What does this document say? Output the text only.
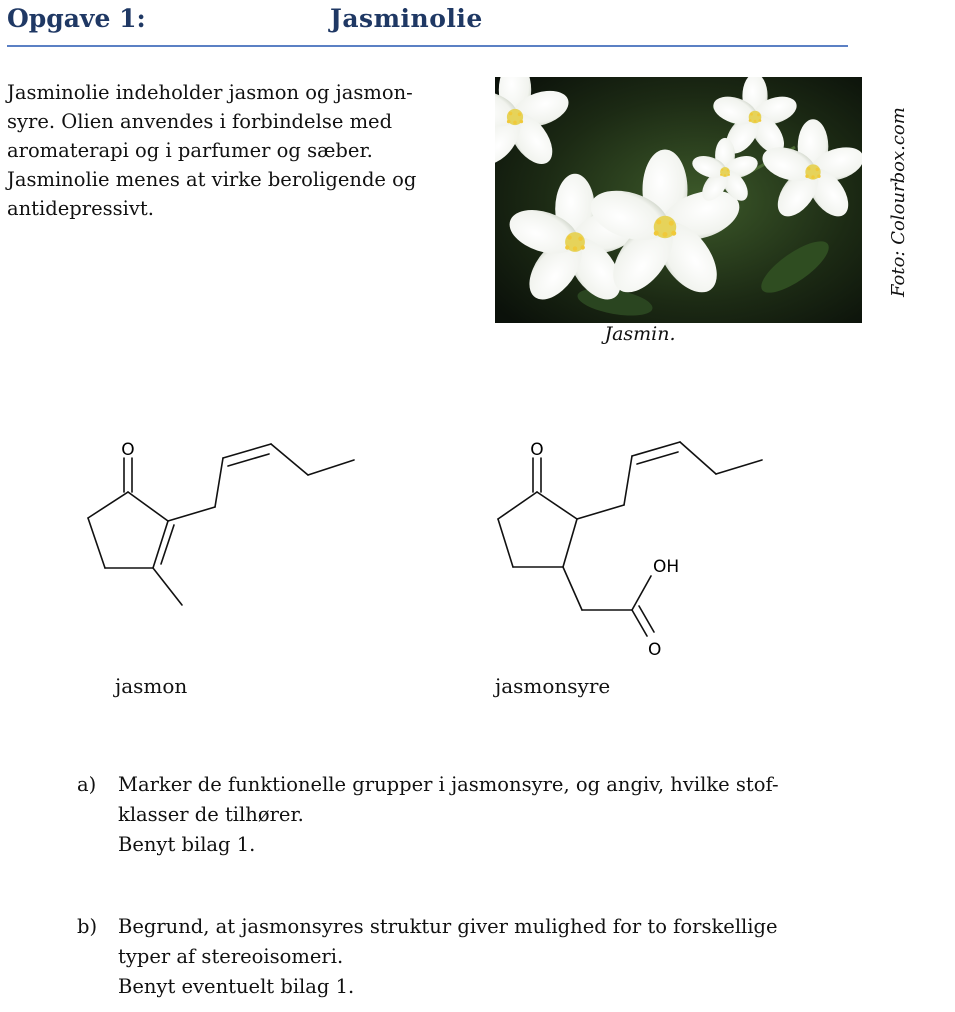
Opgave 1:	Jasminolie

Jasminolie indeholder jasmon og jasmon-
syre. Olien anvendes i forbindelse med
aromaterapi og i parfumer og sæber.
Jasminolie menes at virke beroligende og
antidepressivt.

Jasmin.
Foto: Colourbox.com
O
jasmon
O
OH
O
jasmonsyre
a) Marker de funktionelle grupper i jasmonsyre, og angiv, hvilke stof-
klasser de tilhører.
Benyt bilag 1.
b) Begrund, at jasmonsyres struktur giver mulighed for to forskellige
typer af stereoisomeri.
Benyt eventuelt bilag 1.
